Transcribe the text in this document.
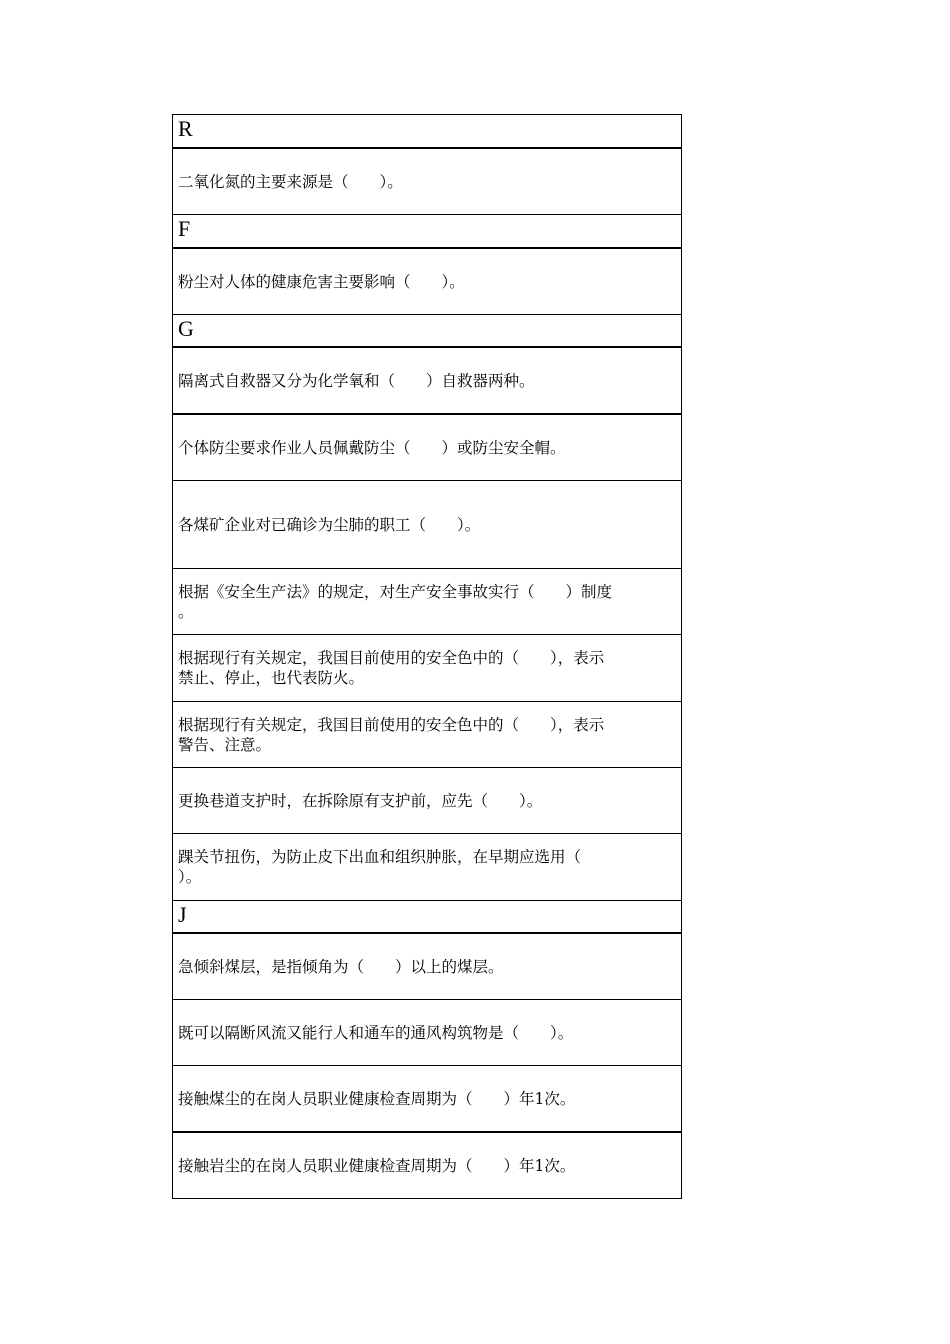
R
二氧化氮的主要来源是（　　）。
F
粉尘对人体的健康危害主要影响（　　）。
G
隔离式自救器又分为化学氧和（　　）自救器两种。
个体防尘要求作业人员佩戴防尘（　　）或防尘安全帽。
各煤矿企业对已确诊为尘肺的职工（　　）。
根据《安全生产法》的规定，对生产安全事故实行（　　）制度
。
根据现行有关规定，我国目前使用的安全色中的（　　），表示
禁止、停止，也代表防火。
根据现行有关规定，我国目前使用的安全色中的（　　），表示
警告、注意。
更换巷道支护时，在拆除原有支护前，应先（　　）。
踝关节扭伤，为防止皮下出血和组织肿胀，在早期应选用（
）。
J
急倾斜煤层，是指倾角为（　　）以上的煤层。
既可以隔断风流又能行人和通车的通风构筑物是（　　）。
接触煤尘的在岗人员职业健康检查周期为（　　）年1次。
接触岩尘的在岗人员职业健康检查周期为（　　）年1次。
